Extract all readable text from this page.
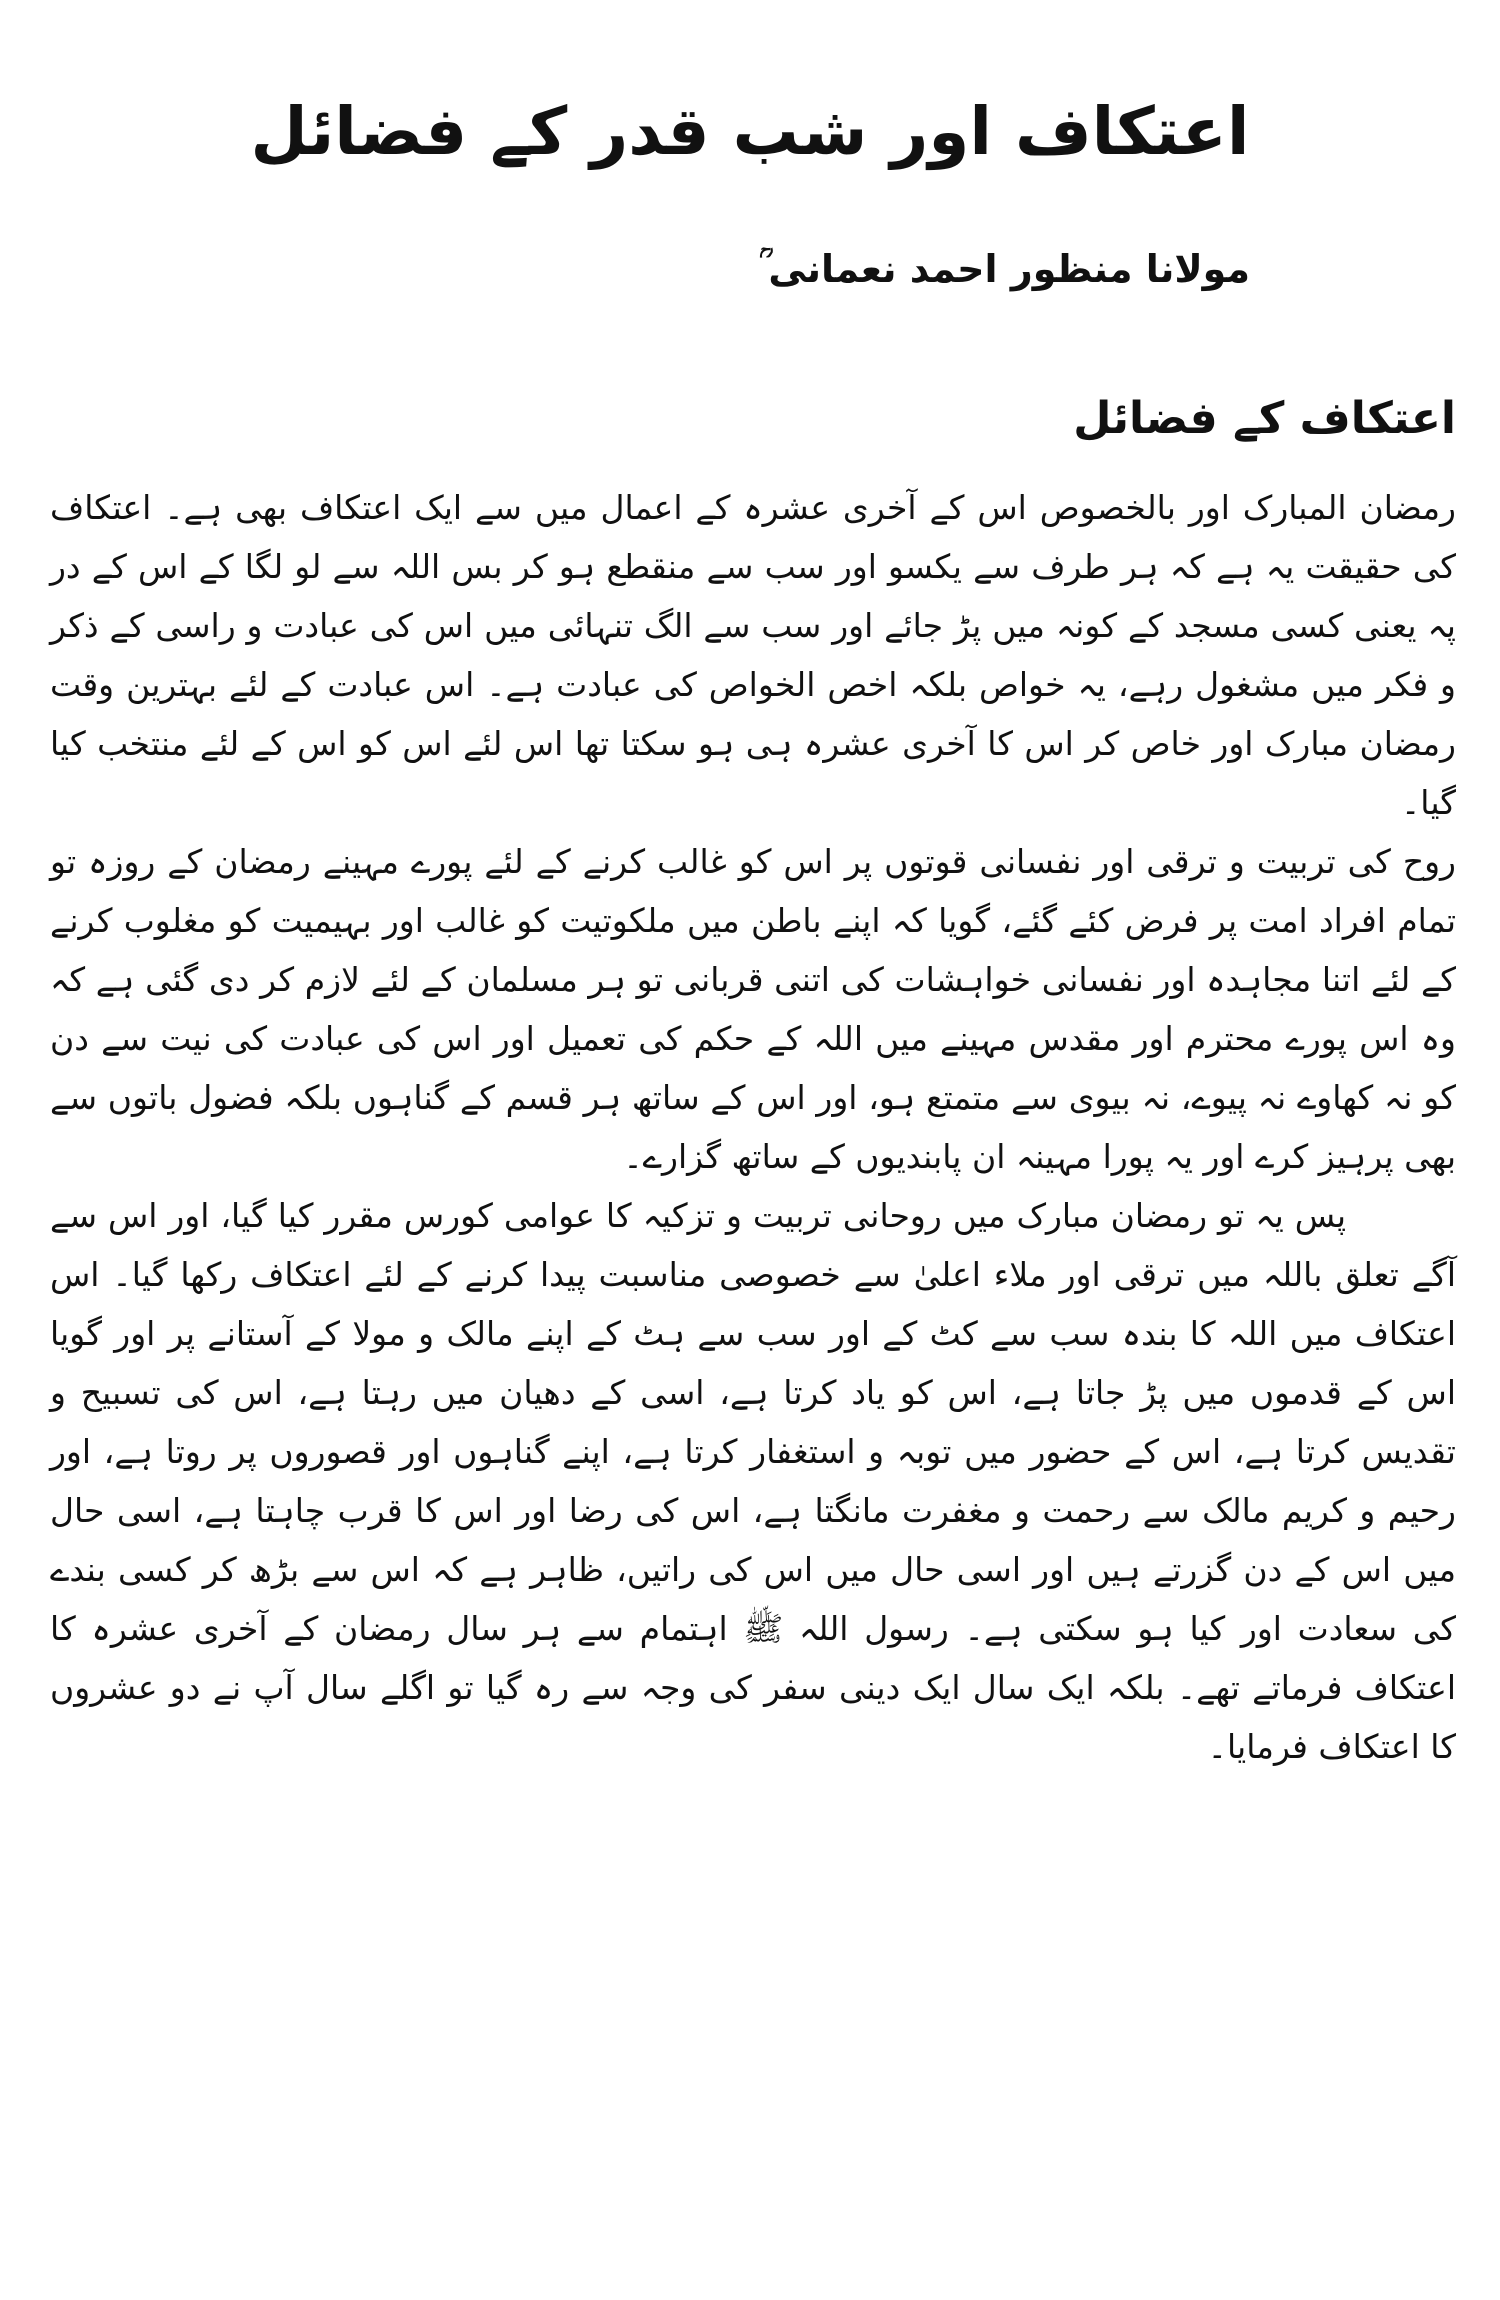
اعتکاف اور شب قدر کے فضائل
مولانا منظور احمد نعمانی ؒ
اعتکاف کے فضائل

رمضان المبارک اور بالخصوص اس کے آخری عشرہ کے اعمال میں سے ایک اعتکاف بھی ہے۔ اعتکاف کی حقیقت یہ ہے کہ ہر طرف سے یکسو اور سب سے منقطع ہو کر بس اللہ سے لو لگا کے اس کے در پہ یعنی کسی مسجد کے کونہ میں پڑ جائے اور سب سے الگ تنہائی میں اس کی عبادت و راسی کے ذکر و فکر میں مشغول رہے، یہ خواص بلکہ اخص الخواص کی عبادت ہے۔ اس عبادت کے لئے بہترین وقت رمضان مبارک اور خاص کر اس کا آخری عشرہ ہی ہو سکتا تھا اس لئے اس کو اس کے لئے منتخب کیا گیا۔

روح کی تربیت و ترقی اور نفسانی قوتوں پر اس کو غالب کرنے کے لئے پورے مہینے رمضان کے روزہ تو تمام افراد امت پر فرض کئے گئے، گویا کہ اپنے باطن میں ملکوتیت کو غالب اور بہیمیت کو مغلوب کرنے کے لئے اتنا مجاہدہ اور نفسانی خواہشات کی اتنی قربانی تو ہر مسلمان کے لئے لازم کر دی گئی ہے کہ وہ اس پورے محترم اور مقدس مہینے میں اللہ کے حکم کی تعمیل اور اس کی عبادت کی نیت سے دن کو نہ کھاوے نہ پیوے، نہ بیوی سے متمتع ہو، اور اس کے ساتھ ہر قسم کے گناہوں بلکہ فضول باتوں سے بھی پرہیز کرے اور یہ پورا مہینہ ان پابندیوں کے ساتھ گزارے۔

پس یہ تو رمضان مبارک میں روحانی تربیت و تزکیہ کا عوامی کورس مقرر کیا گیا، اور اس سے آگے تعلق باللہ میں ترقی اور ملاء اعلیٰ سے خصوصی مناسبت پیدا کرنے کے لئے اعتکاف رکھا گیا۔ اس اعتکاف میں اللہ کا بندہ سب سے کٹ کے اور سب سے ہٹ کے اپنے مالک و مولا کے آستانے پر اور گویا اس کے قدموں میں پڑ جاتا ہے، اس کو یاد کرتا ہے، اسی کے دھیان میں رہتا ہے، اس کی تسبیح و تقدیس کرتا ہے، اس کے حضور میں توبہ و استغفار کرتا ہے، اپنے گناہوں اور قصوروں پر روتا ہے، اور رحیم و کریم مالک سے رحمت و مغفرت مانگتا ہے، اس کی رضا اور اس کا قرب چاہتا ہے، اسی حال میں اس کے دن گزرتے ہیں اور اسی حال میں اس کی راتیں، ظاہر ہے کہ اس سے بڑھ کر کسی بندے کی سعادت اور کیا ہو سکتی ہے۔ رسول اللہ ﷺ اہتمام سے ہر سال رمضان کے آخری عشرہ کا اعتکاف فرماتے تھے۔ بلکہ ایک سال ایک دینی سفر کی وجہ سے رہ گیا تو اگلے سال آپ نے دو عشروں کا اعتکاف فرمایا۔
